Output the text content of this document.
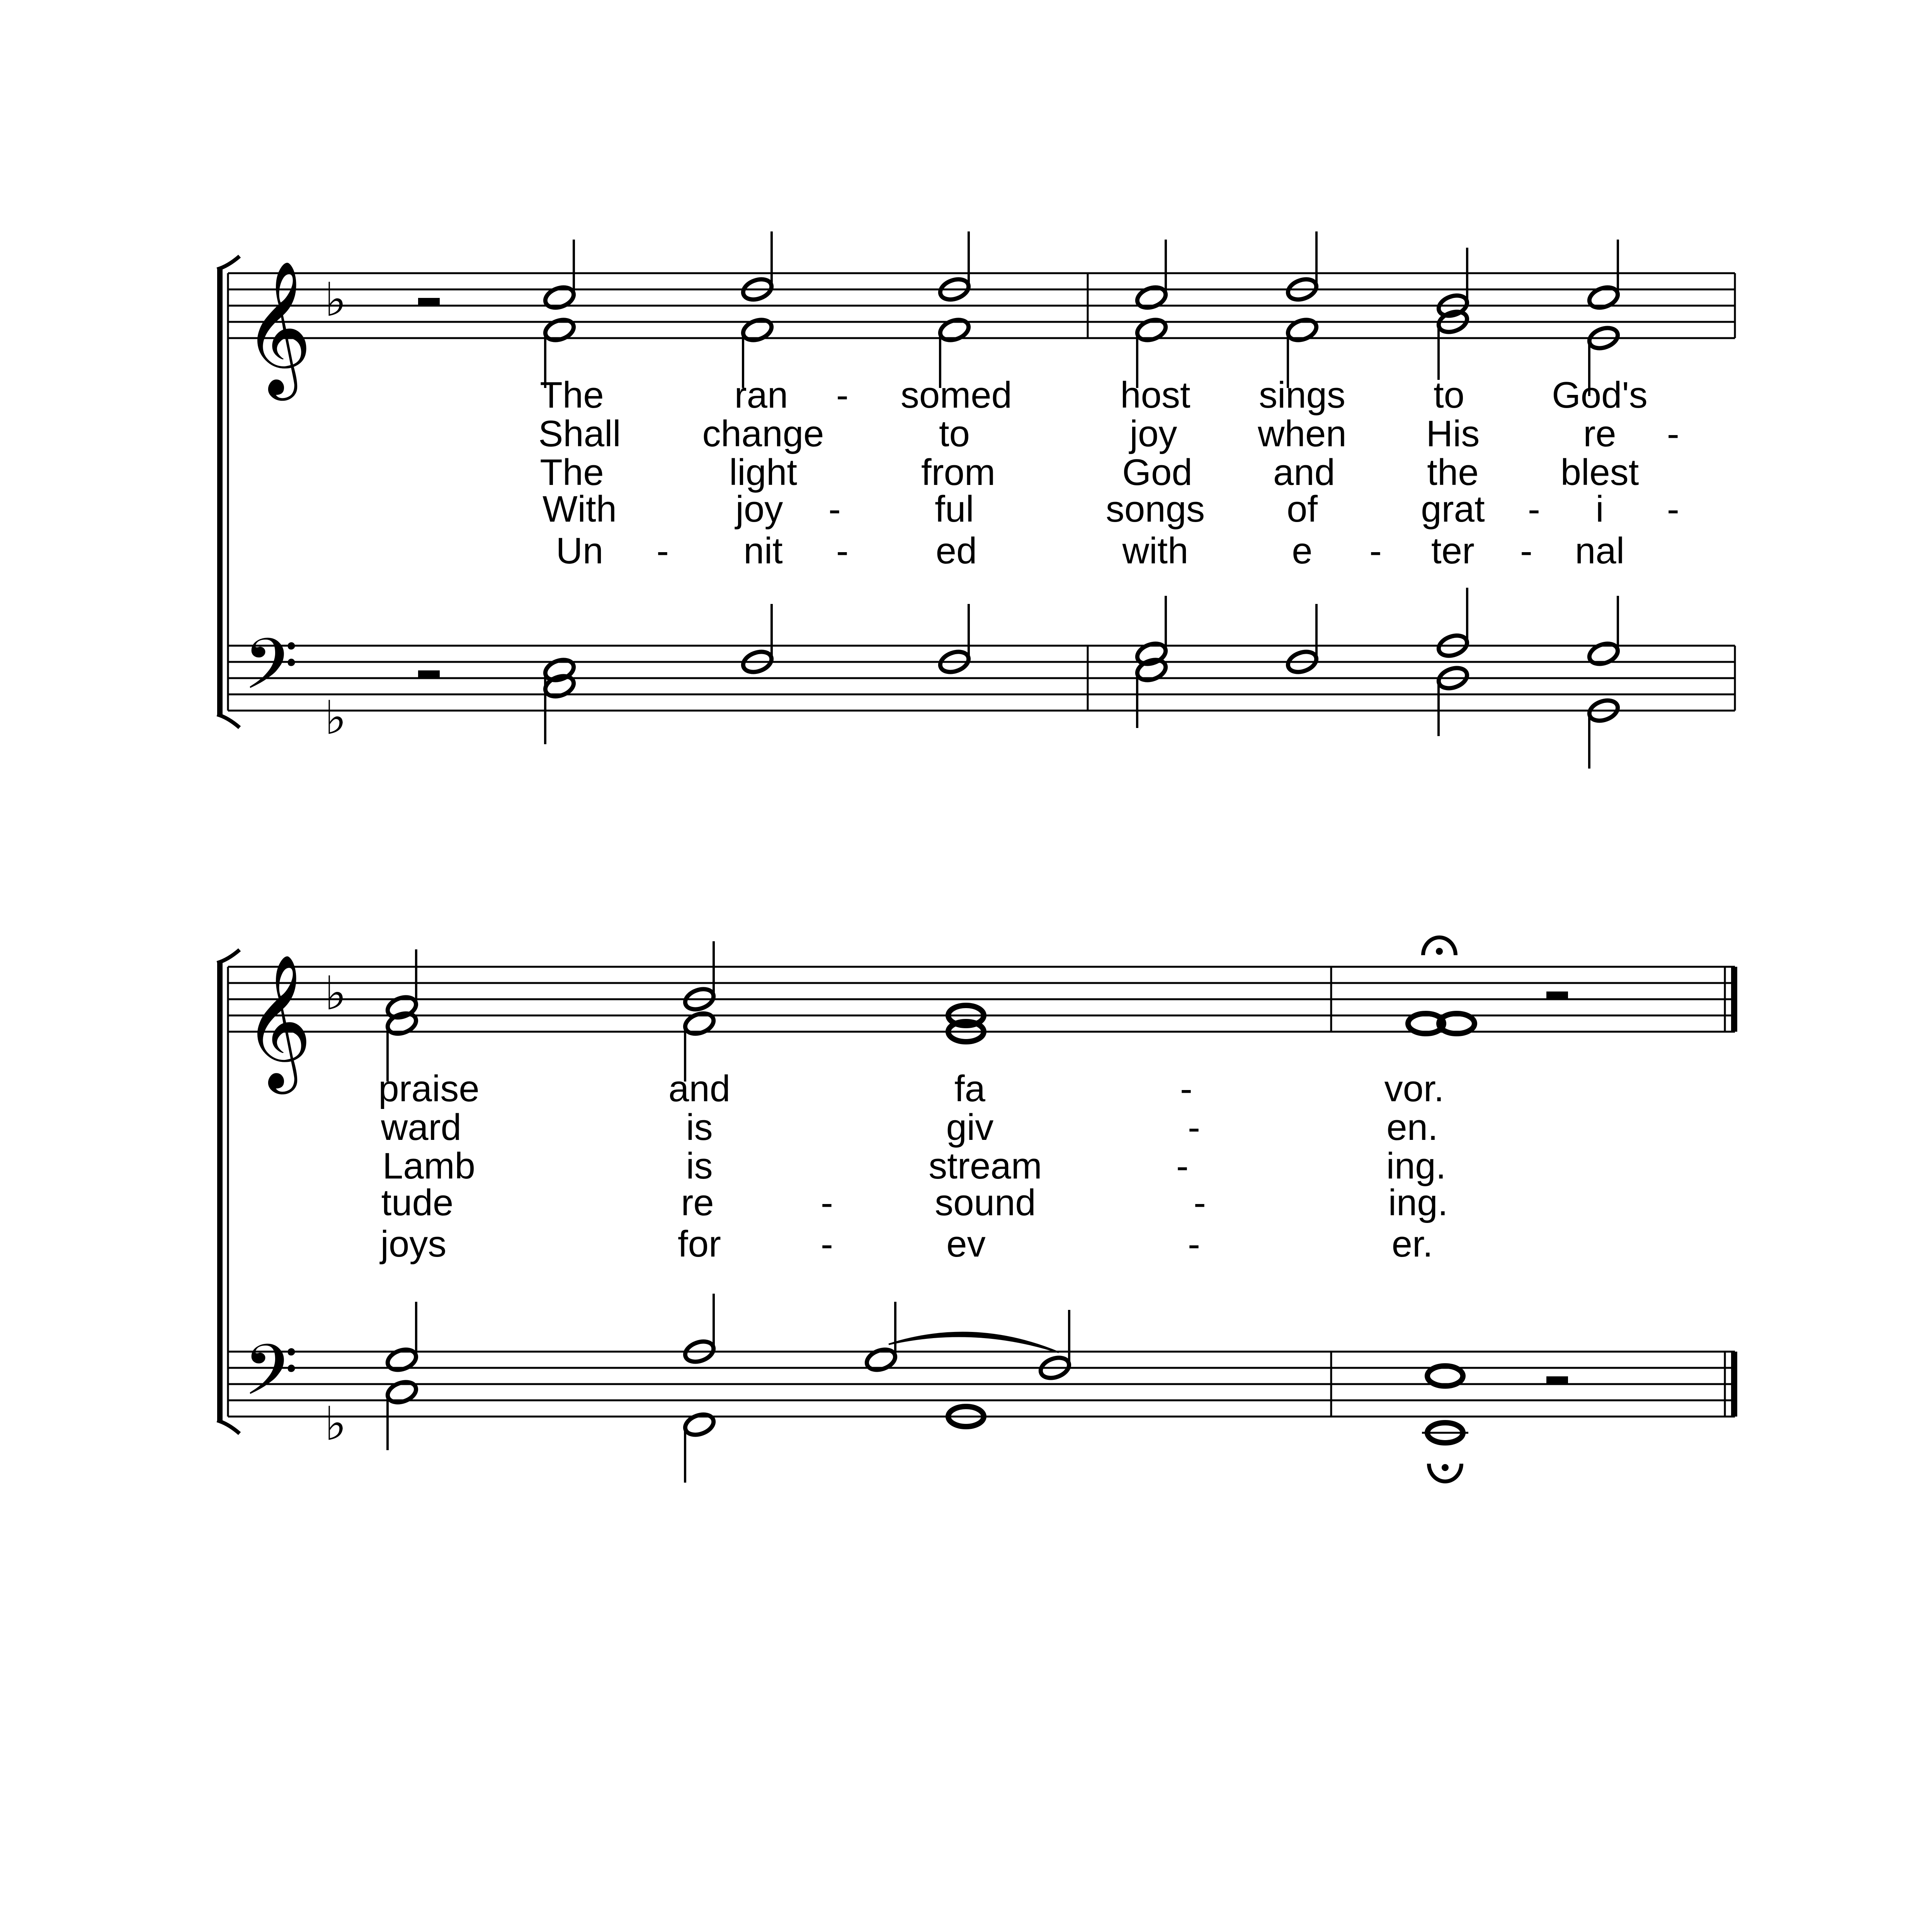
𝄞 ♭
𝄢 ♭
𝄞 ♭
𝄢 ♭
The	ran - somed	host sings to God's
Shall change	to	joy when His	re -
The	light	from	God and the blest
With	joy -	ful	songs of	grat - i -
Un - nit - ed	with	e - ter - nal
praise	and	fa	-	vor.
ward	is	giv	-	en.
Lamb	is	stream	-	ing.
tude	re	-	sound	-	ing.
joys	for	-	ev	-	er.
